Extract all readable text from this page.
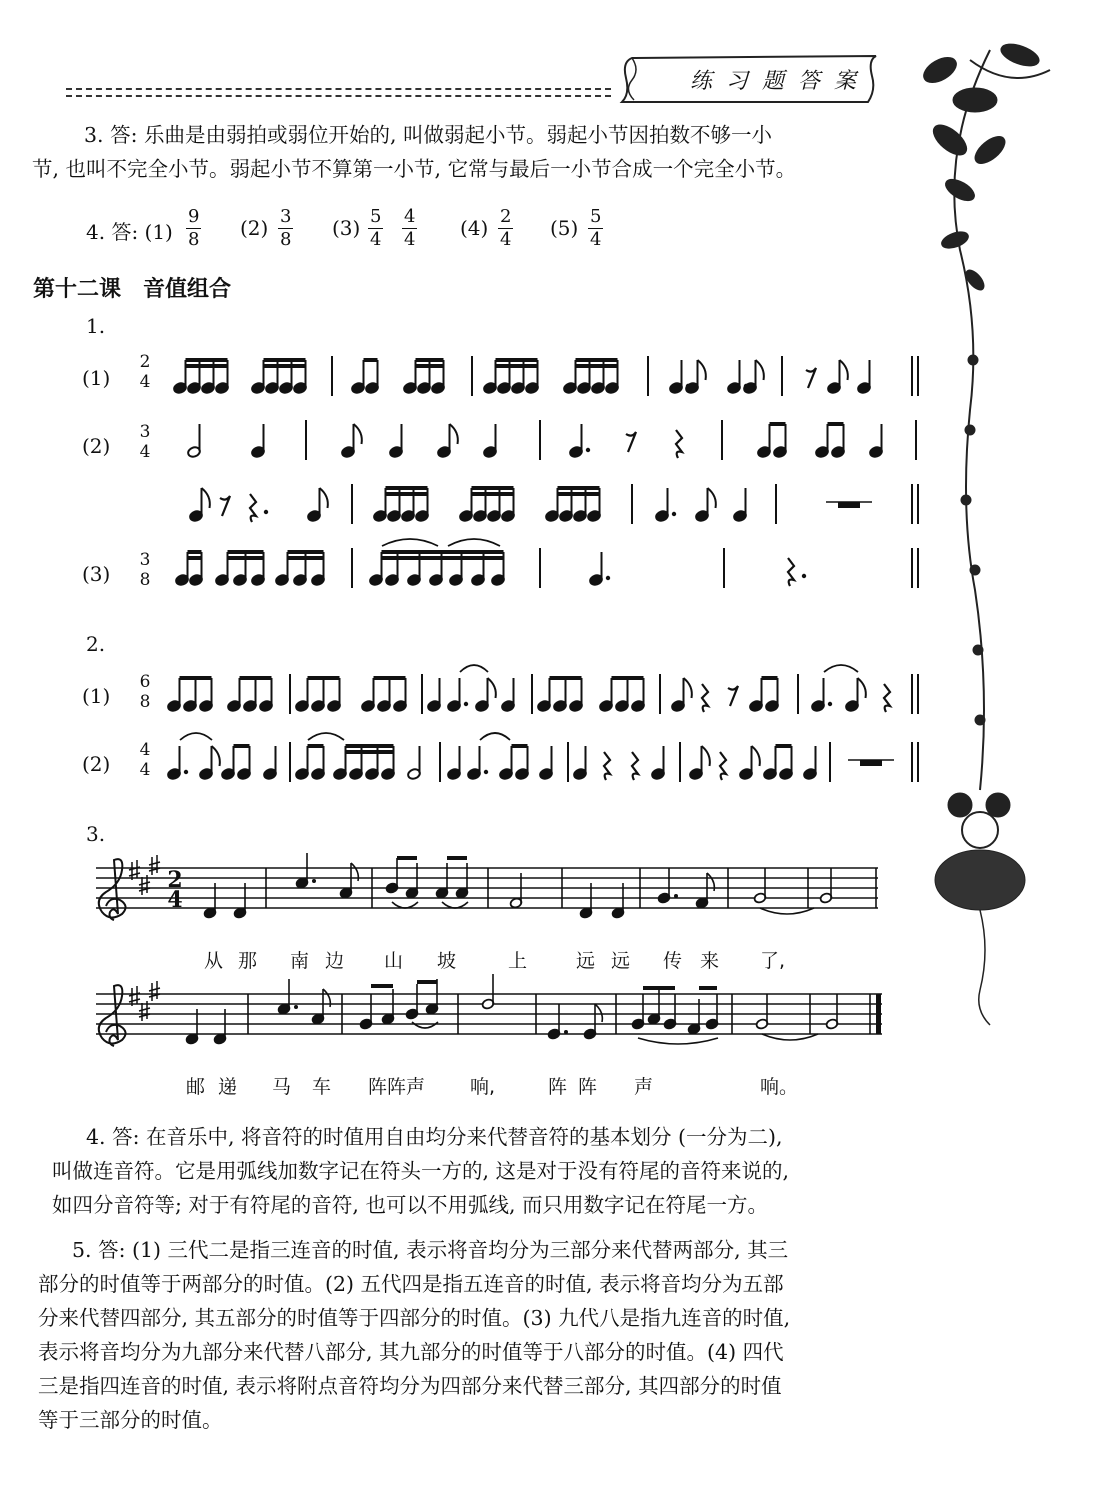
练习题答案
3. 答: 乐曲是由弱拍或弱位开始的, 叫做弱起小节。弱起小节因拍数不够一小
节, 也叫不完全小节。弱起小节不算第一小节, 它常与最后一小节合成一个完全小节。
4. 答: $(1) \frac{9}{8} (2) \frac{3}{8} (3) \frac{5}{4} \frac{4}{4} (4) \frac{2}{4} (5) \frac{5}{4}$
第十二课 音值组合
1.
(1)
2
4
(2)
3
4
(3)
3
8
2.
(1)
6
8
(2)
4
4
3.
2
4
从 那 南 边 山 坡	上	远 远 传 来 了,
邮 递 马 车 阵阵声 响,	阵 阵 声	响。
4. 答: 在音乐中, 将音符的时值用自由均分来代替音符的基本划分 (一分为二),
叫做连音符。它是用弧线加数字记在符头一方的, 这是对于没有符尾的音符来说的,
如四分音符等; 对于有符尾的音符, 也可以不用弧线, 而只用数字记在符尾一方。
5. 答: (1) 三代二是指三连音的时值, 表示将音均分为三部分来代替两部分, 其三
部分的时值等于两部分的时值。(2) 五代四是指五连音的时值, 表示将音均分为五部
分来代替四部分, 其五部分的时值等于四部分的时值。(3) 九代八是指九连音的时值,
表示将音均分为九部分来代替八部分, 其九部分的时值等于八部分的时值。(4) 四代
三是指四连音的时值, 表示将附点音符均分为四部分来代替三部分, 其四部分的时值
等于三部分的时值。
